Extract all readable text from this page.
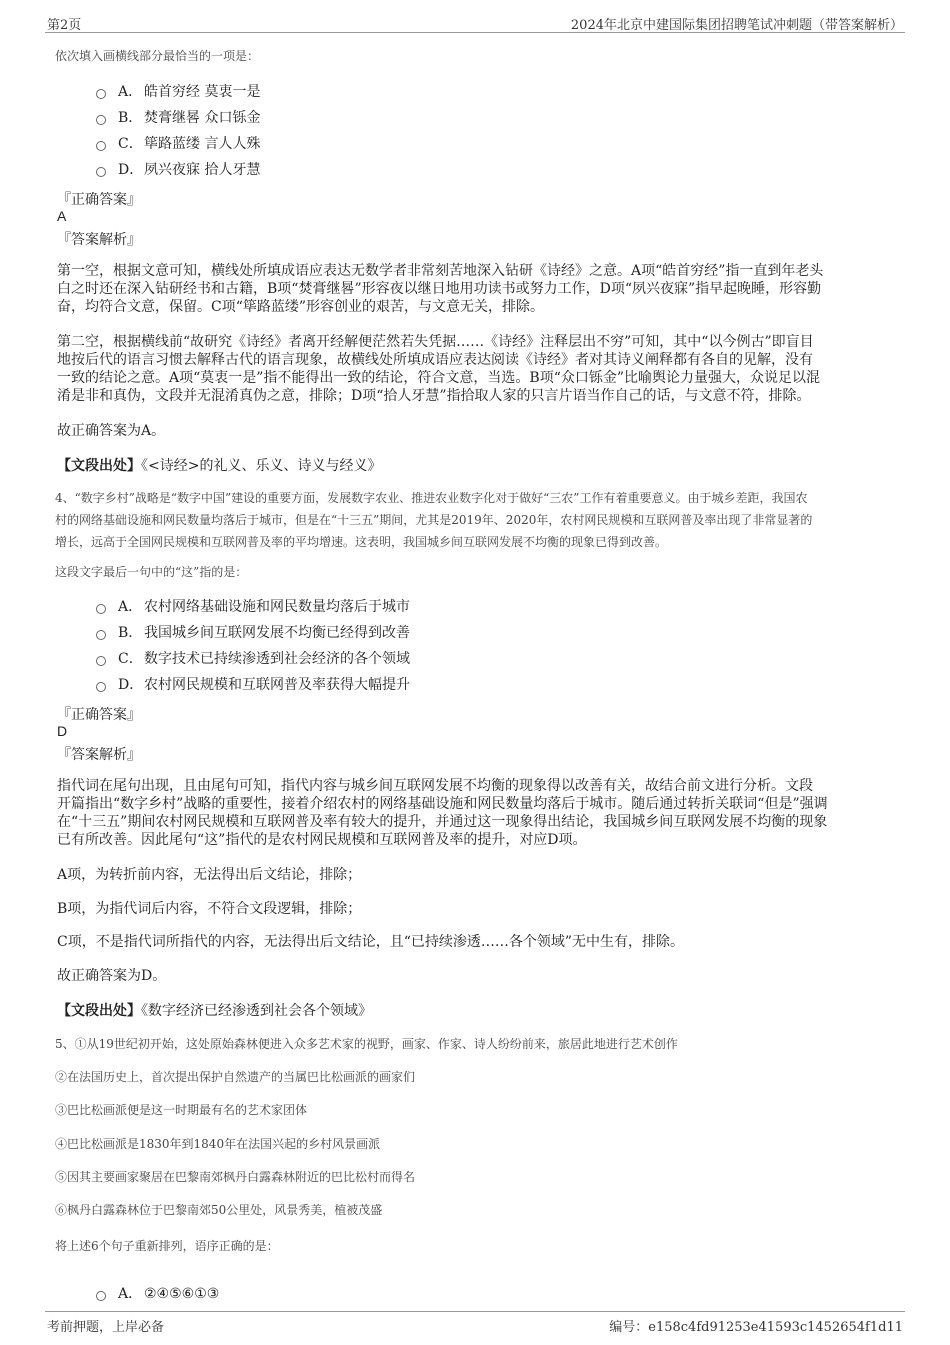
第2页	2024年北京中建国际集团招聘笔试冲刺题（带答案解析）
依次填入画横线部分最恰当的一项是：
A． 皓首穷经 莫衷一是
B． 焚膏继晷 众口铄金
C． 筚路蓝缕 言人人殊
D． 夙兴夜寐 拾人牙慧
『正确答案』
A
『答案解析』
第一空，根据文意可知，横线处所填成语应表达无数学者非常刻苦地深入钻研《诗经》之意。A项“皓首穷经”指一直到年老头
白之时还在深入钻研经书和古籍，B项“焚膏继晷”形容夜以继日地用功读书或努力工作，D项“夙兴夜寐”指早起晚睡，形容勤
奋，均符合文意，保留。C项“筚路蓝缕”形容创业的艰苦，与文意无关，排除。
第二空，根据横线前“故研究《诗经》者离开经解便茫然若失凭据……《诗经》注释层出不穷”可知，其中“以今例古”即盲目
地按后代的语言习惯去解释古代的语言现象，故横线处所填成语应表达阅读《诗经》者对其诗义阐释都有各自的见解，没有
一致的结论之意。A项“莫衷一是”指不能得出一致的结论，符合文意，当选。B项“众口铄金”比喻舆论力量强大，众说足以混
淆是非和真伪，文段并无混淆真伪之意，排除；D项“拾人牙慧”指拾取人家的只言片语当作自己的话，与文意不符，排除。
故正确答案为A。
【文段出处】《<诗经>的礼义、乐义、诗义与经义》
4、“数字乡村”战略是“数字中国”建设的重要方面，发展数字农业、推进农业数字化对于做好“三农”工作有着重要意义。由于城乡差距，我国农
村的网络基础设施和网民数量均落后于城市，但是在“十三五”期间，尤其是2019年、2020年，农村网民规模和互联网普及率出现了非常显著的
增长，远高于全国网民规模和互联网普及率的平均增速。这表明，我国城乡间互联网发展不均衡的现象已得到改善。
这段文字最后一句中的“这”指的是：
A． 农村网络基础设施和网民数量均落后于城市
B． 我国城乡间互联网发展不均衡已经得到改善
C． 数字技术已持续渗透到社会经济的各个领域
D． 农村网民规模和互联网普及率获得大幅提升
『正确答案』
D
『答案解析』
指代词在尾句出现，且由尾句可知，指代内容与城乡间互联网发展不均衡的现象得以改善有关，故结合前文进行分析。文段
开篇指出“数字乡村”战略的重要性，接着介绍农村的网络基础设施和网民数量均落后于城市。随后通过转折关联词“但是”强调
在“十三五”期间农村网民规模和互联网普及率有较大的提升，并通过这一现象得出结论，我国城乡间互联网发展不均衡的现象
已有所改善。因此尾句“这”指代的是农村网民规模和互联网普及率的提升，对应D项。
A项，为转折前内容，无法得出后文结论，排除；
B项，为指代词后内容，不符合文段逻辑，排除；
C项，不是指代词所指代的内容，无法得出后文结论，且“已持续渗透……各个领域”无中生有，排除。
故正确答案为D。
【文段出处】《数字经济已经渗透到社会各个领域》
5、①从19世纪初开始，这处原始森林便进入众多艺术家的视野，画家、作家、诗人纷纷前来，旅居此地进行艺术创作
②在法国历史上，首次提出保护自然遗产的当属巴比松画派的画家们
③巴比松画派便是这一时期最有名的艺术家团体
④巴比松画派是1830年到1840年在法国兴起的乡村风景画派
⑤因其主要画家聚居在巴黎南郊枫丹白露森林附近的巴比松村而得名
⑥枫丹白露森林位于巴黎南郊50公里处，风景秀美，植被茂盛
将上述6个句子重新排列，语序正确的是：
A． ②④⑤⑥①③
考前押题，上岸必备	编号：e158c4fd91253e41593c1452654f1d11
